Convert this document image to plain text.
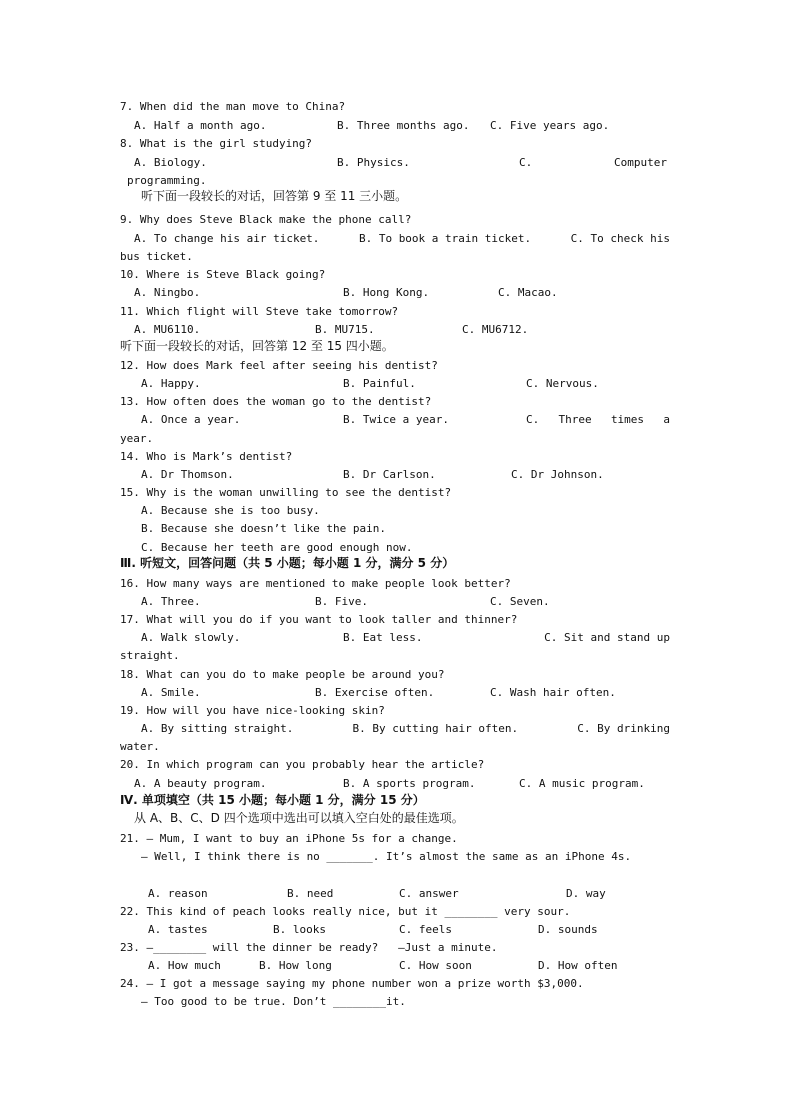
7. When did the man move to China?
A. Half a month ago.	B. Three months ago. C. Five years ago.
8. What is the girl studying?
A. Biology.	B. Physics.	C.	Computer
programming.
听下面一段较长的对话，回答第 9 至 11 三小题。
9. Why does Steve Black make the phone call?
A. To change his air ticket.	B. To book a train ticket.	C. To check his
bus ticket.
10. Where is Steve Black going?
A. Ningbo.	B. Hong Kong.	C. Macao.
11. Which flight will Steve take tomorrow?
A. MU6110.	B. MU715.	C. MU6712.
听下面一段较长的对话，回答第 12 至 15 四小题。
12. How does Mark feel after seeing his dentist?
A. Happy.	B. Painful.	C. Nervous.
13. How often does the woman go to the dentist?
A. Once a year.	B. Twice a year.	C. Three times a
year.
14. Who is Mark’s dentist?
A. Dr Thomson.	B. Dr Carlson.	C. Dr Johnson.
15. Why is the woman unwilling to see the dentist?
A. Because she is too busy.
B. Because she doesn’t like the pain.
C. Because her teeth are good enough now.
Ⅲ. 听短文，回答问题（共 5 小题；每小题 1 分，满分 5 分）
16. How many ways are mentioned to make people look better?
A. Three.	B. Five.	C. Seven.
17. What will you do if you want to look taller and thinner?
A. Walk slowly.	B. Eat less.	C. Sit and stand up
straight.
18. What can you do to make people be around you?
A. Smile.	B. Exercise often.	C. Wash hair often.
19. How will you have nice-looking skin?
A. By sitting straight.	B. By cutting hair often.	C. By drinking
water.
20. In which program can you probably hear the article?
A. A beauty program.	B. A sports program.	C. A music program.
Ⅳ. 单项填空（共 15 小题；每小题 1 分，满分 15 分）
从 A、B、C、D 四个选项中选出可以填入空白处的最佳选项。
21. — Mum, I want to buy an iPhone 5s for a change.
— Well, I think there is no _______. It’s almost the same as an iPhone 4s.
A. reason	B. need	C. answer	D. way
22. This kind of peach looks really nice, but it ________ very sour.
A. tastes	B. looks	C. feels	D. sounds
23. —________ will the dinner be ready?   —Just a minute.
A. How much	B. How long	C. How soon	D. How often
24. — I got a message saying my phone number won a prize worth $3,000.
— Too good to be true. Don’t ________it.
